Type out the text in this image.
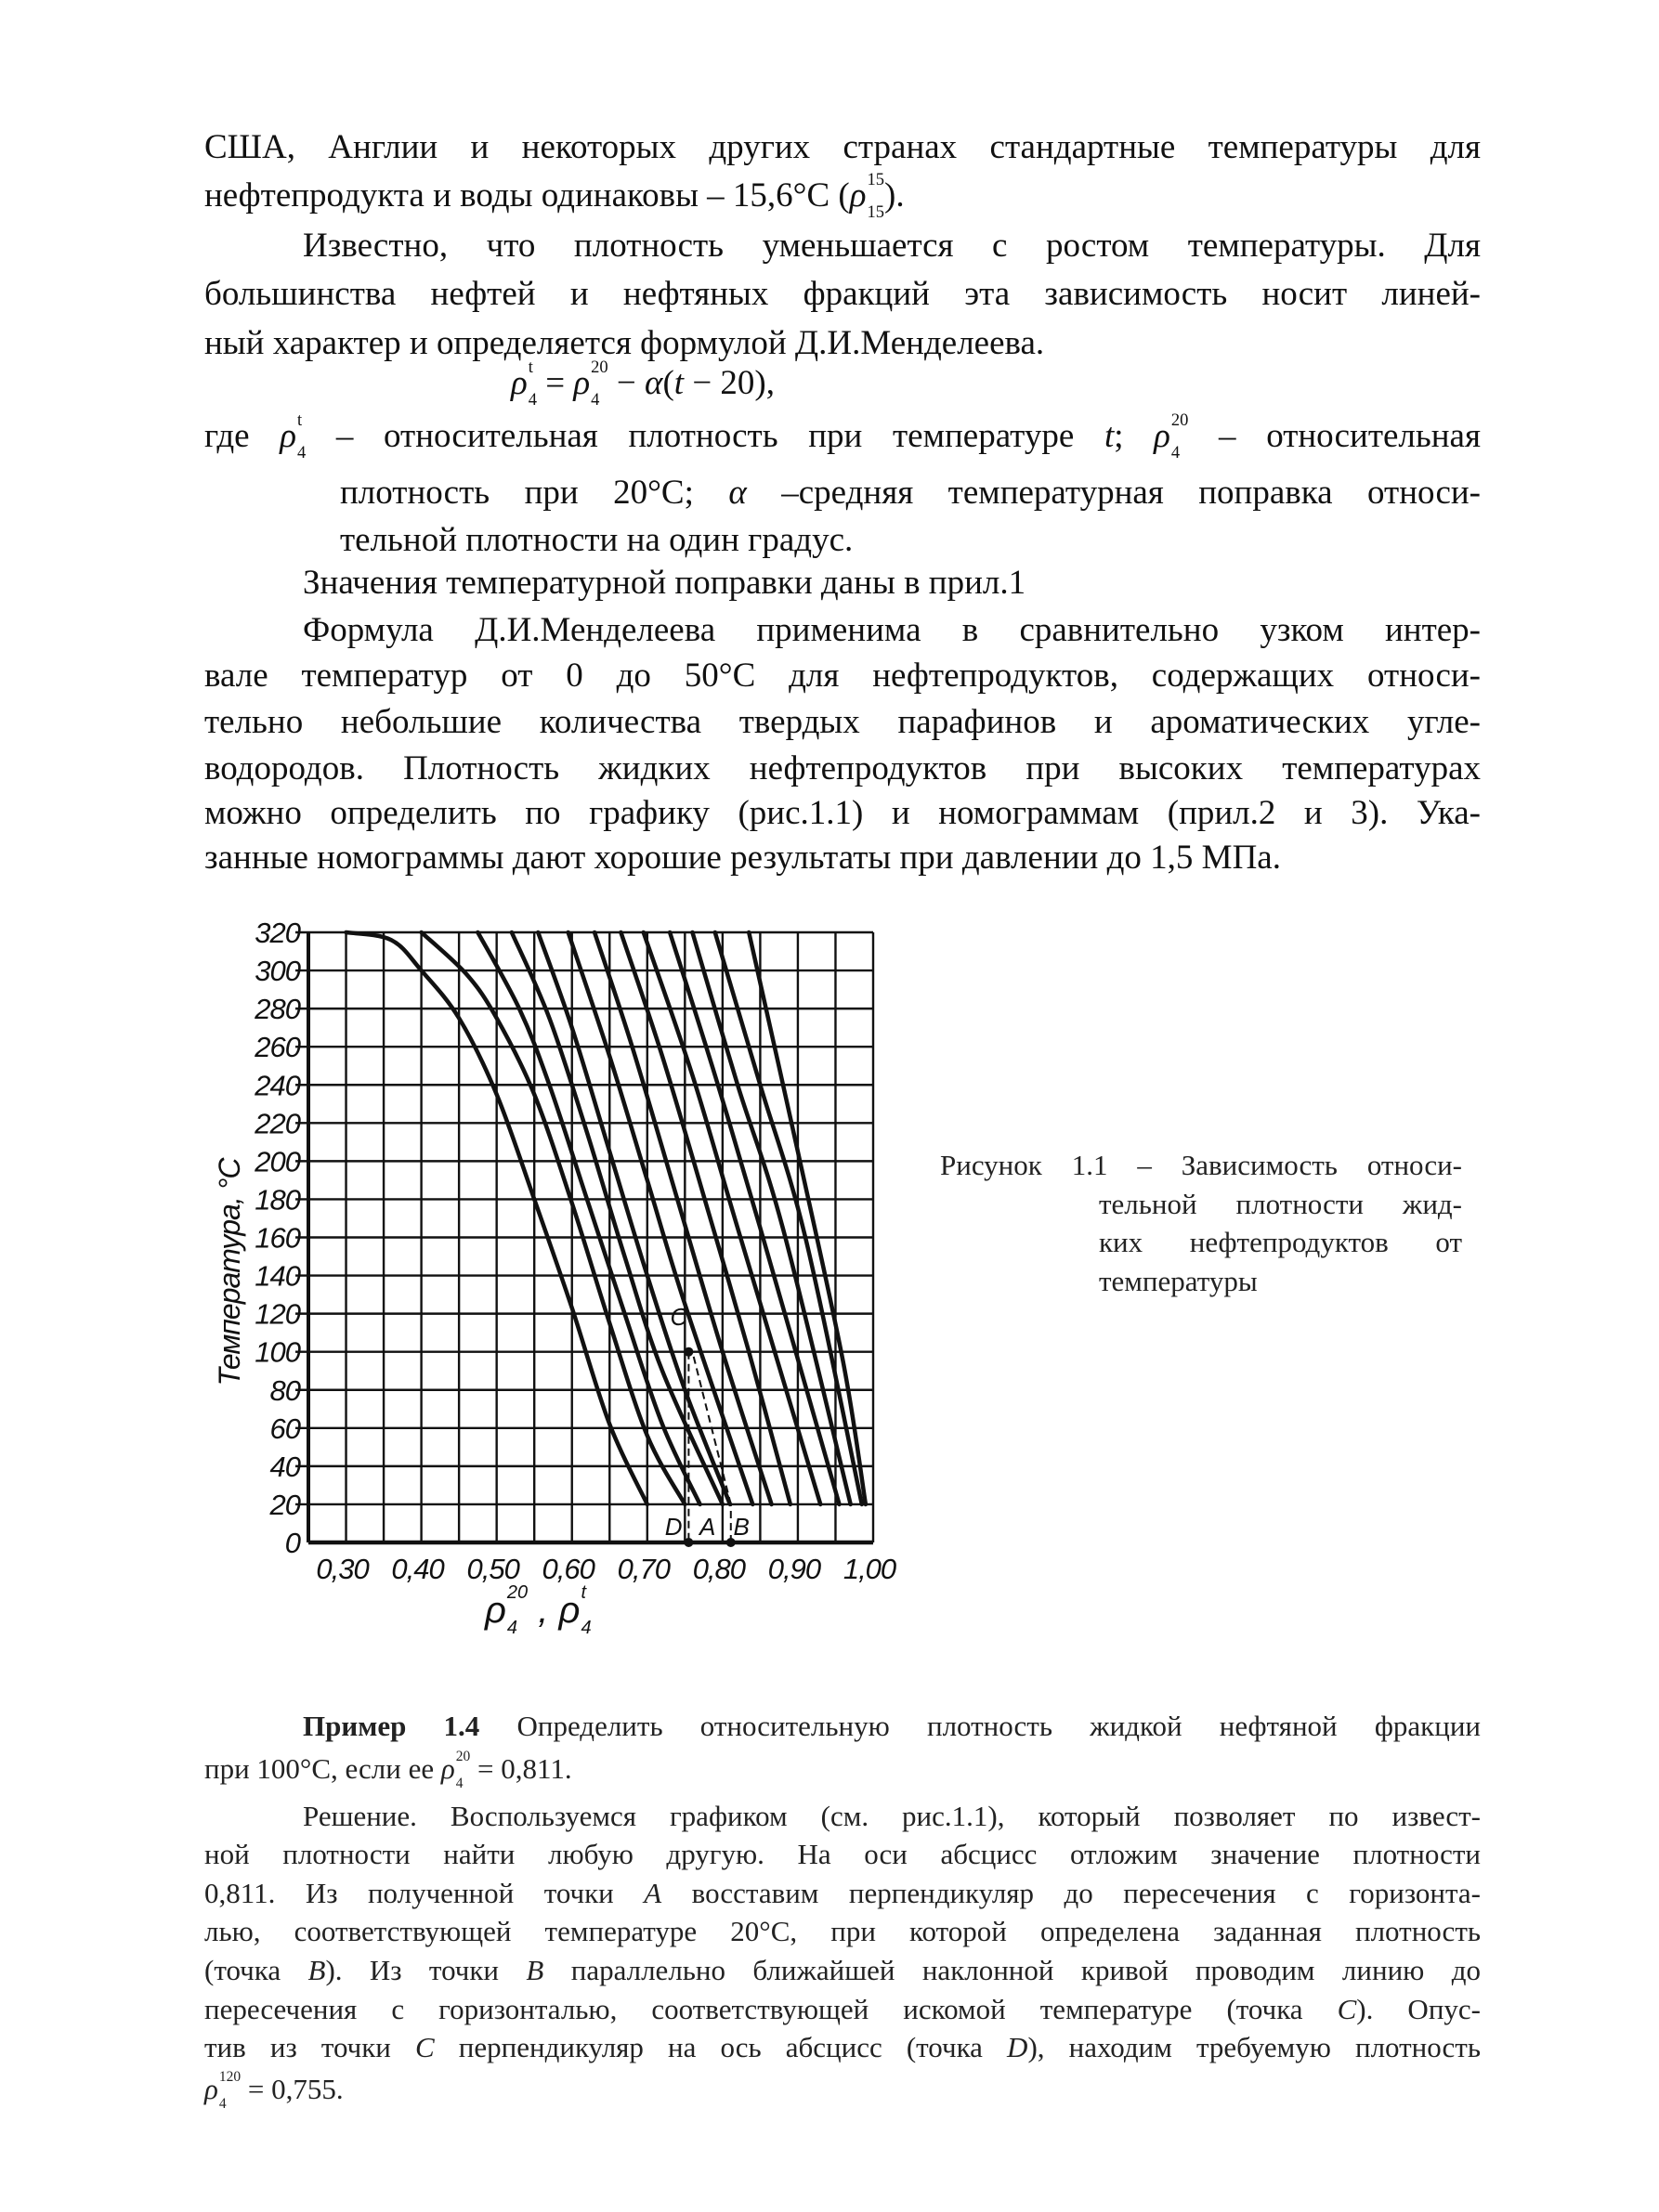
США, Англии и некоторых других странах стандартные температуры для
нефтепродукта и воды одинаковы – 15,6°С (ρ 15
15 ).
Известно, что плотность уменьшается с ростом температуры. Для
большинства нефтей и нефтяных фракций эта зависимость носит линей-
ный характер и определяется формулой Д.И.Менделеева.
ρ t
4 = ρ 20
4 − α(t − 20),
где ρ t
4 – относительная плотность при температуре t; ρ 20
4 – относительная
плотность при 20°С; α –средняя температурная поправка относи-
тельной плотности на один градус.
Значения температурной поправки даны в прил.1
Формула Д.И.Менделеева применима в сравнительно узком интер-
вале температур от 0 до 50°С для нефтепродуктов, содержащих относи-
тельно небольшие количества твердых парафинов и ароматических угле-
водородов. Плотность жидких нефтепродуктов при высоких температурах
можно определить по графику (рис.1.1) и номограммам (прил.2 и 3). Ука-
занные номограммы дают хорошие результаты при давлении до 1,5 МПа.
Рисунок 1.1 – Зависимость относи-
тельной плотности жид-
ких нефтепродуктов от
температуры
Пример 1.4 Определить относительную плотность жидкой нефтяной фракции
при 100°С, если ее ρ 20
4 = 0,811.
Решение. Воспользуемся графиком (см. рис.1.1), который позволяет по извест-
ной плотности найти любую другую. На оси абсцисс отложим значение плотности
0,811. Из полученной точки A восставим перпендикуляр до пересечения с горизонта-
лью, соответствующей температуре 20°С, при которой определена заданная плотность
(точка B). Из точки B параллельно ближайшей наклонной кривой проводим линию до
пересечения с горизонталью, соответствующей искомой температуре (точка C). Опус-
тив из точки C перпендикуляр на ось абсцисс (точка D), находим требуемую плотность
ρ 120
4 = 0,755.
0,30 0,40 0,50 0,60 0,70 0,80 0,90 1,00
0
20
40
60
80
100
120
140
160
180
200
220
240
260
280
300
320
D A B
C
Температура, °С
ρ 20
4 , ρ t
4
